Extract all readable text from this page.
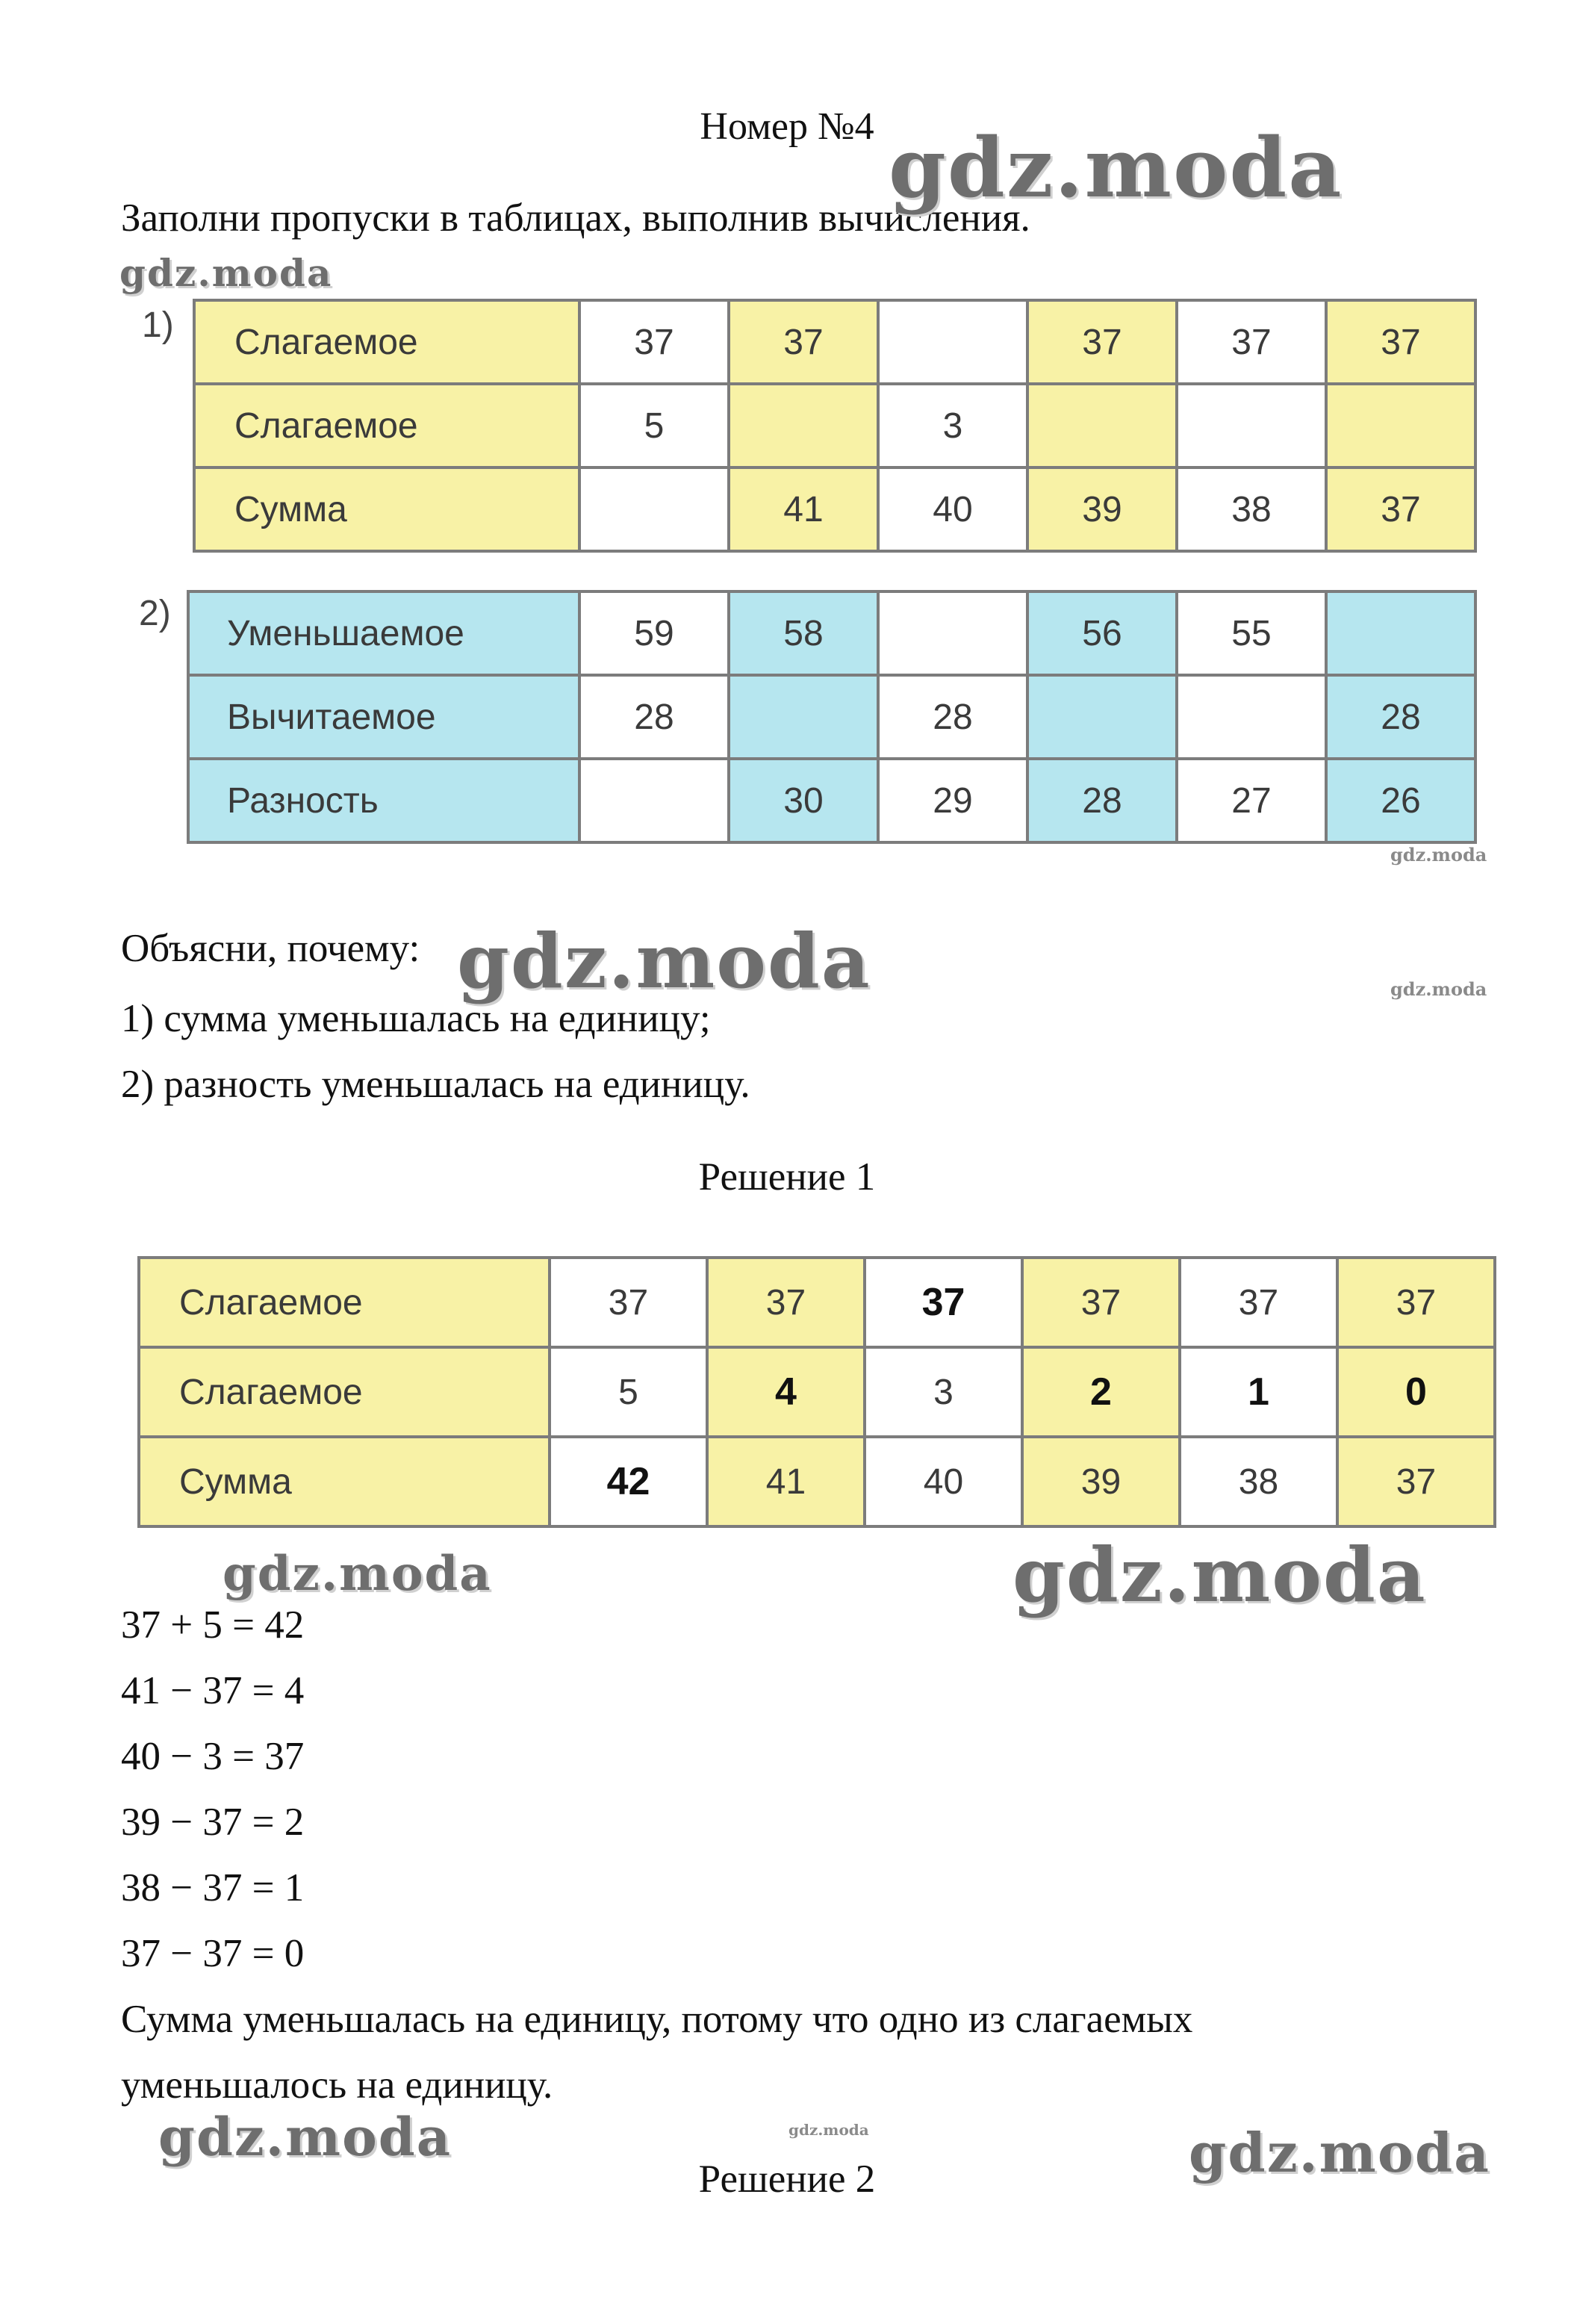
Номер №4
Заполни пропуски в таблицах, выполнив вычисления.
1) Слагаемое	37	37		37	37	37
Слагаемое	5		3			
Сумма		41	40	39	38	37
2) Уменьшаемое	59	58		56	55	
Вычитаемое	28		28			28
Разность		30	29	28	27	26
Объясни, почему:
1) сумма уменьшалась на единицу;
2) разность уменьшалась на единицу.
Решение 1
Слагаемое	37	37	37	37	37	37
Слагаемое	5	4	3	2	1	0
Сумма	42	41	40	39	38	37
37 + 5 = 42
41 − 37 = 4
40 − 3 = 37
39 − 37 = 2
38 − 37 = 1
37 − 37 = 0
Сумма уменьшалась на единицу, потому что одно из слагаемых
уменьшалось на единицу.
Решение 2
gdz.moda
gdz.moda
gdz.moda
gdz.moda	gdz.moda
gdz.moda	gdz.moda
gdz.moda	gdz.moda	gdz.moda
